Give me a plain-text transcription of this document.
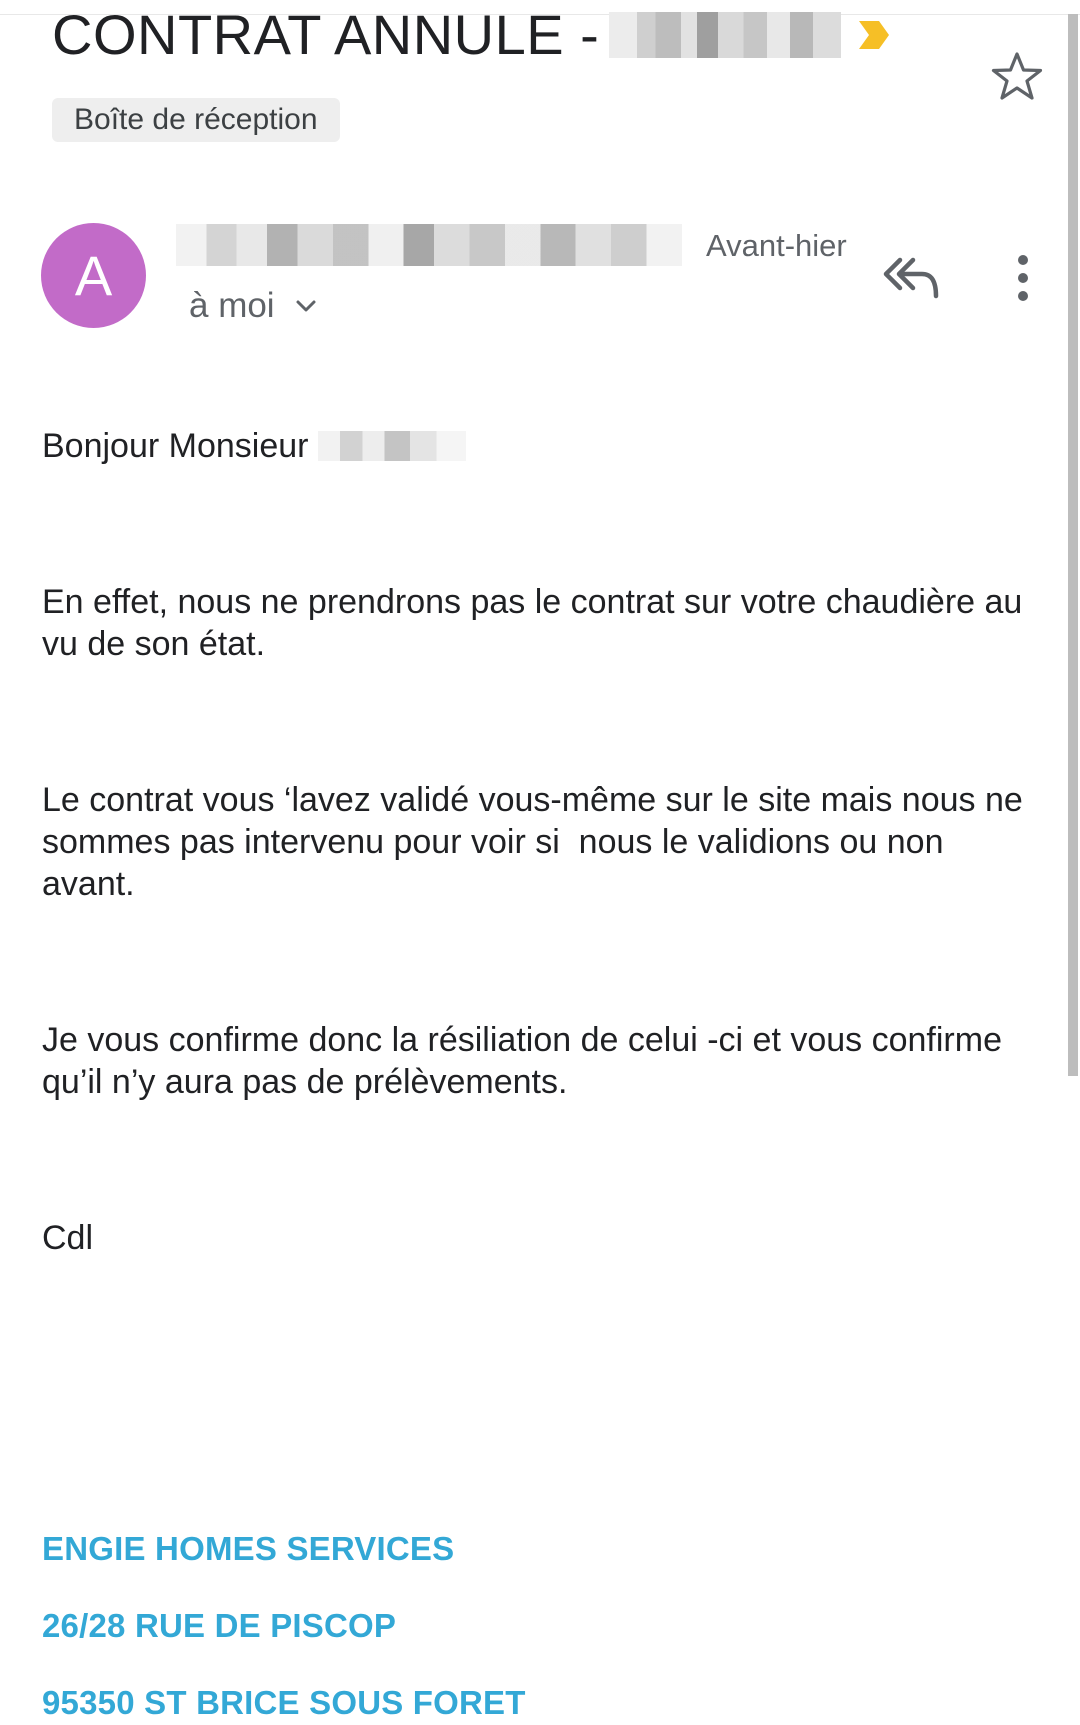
CONTRAT ANNULE -
Boîte de réception
A	Avant-hier
à moi
Bonjour Monsieur
En effet, nous ne prendrons pas le contrat sur votre chaudière au vu de son état.
Le contrat vous ‘lavez validé vous-même sur le site mais nous ne sommes pas intervenu pour voir si  nous le validions ou non avant.
Je vous confirme donc la résiliation de celui -ci et vous confirme qu’il n’y aura pas de prélèvements.
Cdl
ENGIE HOMES SERVICES
26/28 RUE DE PISCOP
95350 ST BRICE SOUS FORET
